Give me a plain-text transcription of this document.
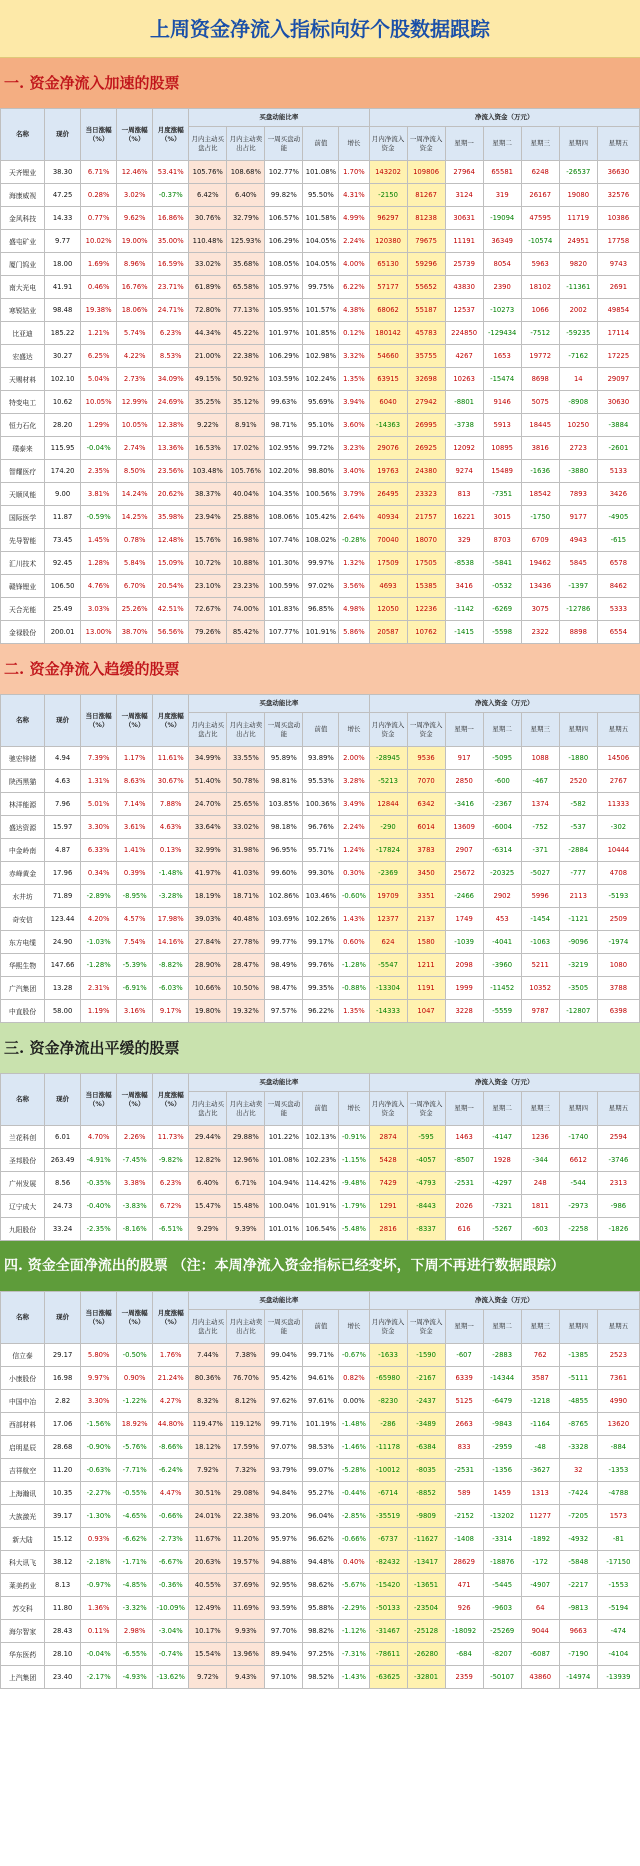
上周资金净流入指标向好个股数据跟踪
一. 资金净流入加速的股票
名称	现价	当日涨幅（%）	一周涨幅（%）	月度涨幅（%）	买盘动能比率					净流入资金（万元）						
					月内主动买盘占比	月内主动卖出占比	一周买盘动能	前值	增长	月内净流入资金	一周净流入资金	星期一	星期二	星期三	星期四	星期五
天齐锂业	38.30	6.71%	12.46%	53.41%	105.76%	108.68%	102.77%	101.08%	1.70%	143202	109806	27964	65581	6248	-26537	36630
海康威视	47.25	0.28%	3.02%	-0.37%	6.42%	6.40%	99.82%	95.50%	4.31%	-2150	81267	3124	319	26167	19080	32576
金风科技	14.33	0.77%	9.62%	16.86%	30.76%	32.79%	106.57%	101.58%	4.99%	96297	81238	30631	-19094	47595	11719	10386
盛屯矿业	9.77	10.02%	19.00%	35.00%	110.48%	125.93%	106.29%	104.05%	2.24%	120380	79675	11191	36349	-10574	24951	17758
厦门钨业	18.00	1.69%	8.96%	16.59%	33.02%	35.68%	108.05%	104.05%	4.00%	65130	59296	25739	8054	5963	9820	9743
南大光电	41.91	0.46%	16.76%	23.71%	61.89%	65.58%	105.97%	99.75%	6.22%	57177	55652	43830	2390	18102	-11361	2691
寒锐钴业	98.48	19.38%	18.06%	24.71%	72.80%	77.13%	105.95%	101.57%	4.38%	68062	55187	12537	-10273	1066	2002	49854
比亚迪	185.22	1.21%	5.74%	6.23%	44.34%	45.22%	101.97%	101.85%	0.12%	180142	45783	224850	-129434	-7512	-59235	17114
宏盛达	30.27	6.25%	4.22%	8.53%	21.00%	22.38%	106.29%	102.98%	3.32%	54660	35755	4267	1653	19772	-7162	17225
天赐材料	102.10	5.04%	2.73%	34.09%	49.15%	50.92%	103.59%	102.24%	1.35%	63915	32698	10263	-15474	8698	14	29097
特变电工	10.62	10.05%	12.99%	24.69%	35.25%	35.12%	99.63%	95.69%	3.94%	6040	27942	-8801	9146	5075	-8908	30630
恒力石化	28.20	1.29%	10.05%	12.38%	9.22%	8.91%	98.71%	95.10%	3.60%	-14363	26995	-3738	5913	18445	10250	-3884
璞泰来	115.95	-0.04%	2.74%	13.36%	16.53%	17.02%	102.95%	99.72%	3.23%	29076	26925	12092	10895	3816	2723	-2601
智耀医疗	174.20	2.35%	8.50%	23.56%	103.48%	105.76%	102.20%	98.80%	3.40%	19763	24380	9274	15489	-1636	-3880	5133
天顺风能	9.00	3.81%	14.24%	20.62%	38.37%	40.04%	104.35%	100.56%	3.79%	26495	23323	813	-7351	18542	7893	3426
国际医学	11.87	-0.59%	14.25%	35.98%	23.94%	25.88%	108.06%	105.42%	2.64%	40934	21757	16221	3015	-1750	9177	-4905
先导智能	73.45	1.45%	0.78%	12.48%	15.76%	16.98%	107.74%	108.02%	-0.28%	70040	18070	329	8703	6709	4943	-615
汇川技术	92.45	1.28%	5.84%	15.09%	10.72%	10.88%	101.30%	99.97%	1.32%	17509	17505	-8538	-5841	19462	5845	6578
赣锋锂业	106.50	4.76%	6.70%	20.54%	23.10%	23.23%	100.59%	97.02%	3.56%	4693	15385	3416	-0532	13436	-1397	8462
天合光能	25.49	3.03%	25.26%	42.51%	72.67%	74.00%	101.83%	96.85%	4.98%	12050	12236	-1142	-6269	3075	-12786	5333
金禄股份	200.01	13.00%	38.70%	56.56%	79.26%	85.42%	107.77%	101.91%	5.86%	20587	10762	-1415	-5598	2322	8898	6554
二. 资金净流入趋缓的股票
名称	现价	当日涨幅（%）	一周涨幅（%）	月度涨幅（%）	买盘动能比率					净流入资金（万元）						
					月内主动买盘占比	月内主动卖出占比	一周买盘动能	前值	增长	月内净流入资金	一周净流入资金	星期一	星期二	星期三	星期四	星期五
驰宏锌锗	4.94	7.39%	1.17%	11.61%	34.99%	33.55%	95.89%	93.89%	2.00%	-28945	9536	917	-5095	1088	-1880	14506
陕西黑猫	4.63	1.31%	8.63%	30.67%	51.40%	50.78%	98.81%	95.53%	3.28%	-5213	7070	2850	-600	-467	2520	2767
林洋能源	7.96	5.01%	7.14%	7.88%	24.70%	25.65%	103.85%	100.36%	3.49%	12844	6342	-3416	-2367	1374	-582	11333
盛达资源	15.97	3.30%	3.61%	4.63%	33.64%	33.02%	98.18%	96.76%	2.24%	-290	6014	13609	-6004	-752	-537	-302
中金岭南	4.87	6.33%	1.41%	0.13%	32.99%	31.98%	96.95%	95.71%	1.24%	-17824	3783	2907	-6314	-371	-2884	10444
赤峰黄金	17.96	0.34%	0.39%	-1.48%	41.97%	41.03%	99.60%	99.30%	0.30%	-2369	3450	25672	-20325	-5027	-777	4708
水井坊	71.89	-2.89%	-8.95%	-3.28%	18.19%	18.71%	102.86%	103.46%	-0.60%	19709	3351	-2466	2902	5996	2113	-5193
奇安信	123.44	4.20%	4.57%	17.98%	39.03%	40.48%	103.69%	102.26%	1.43%	12377	2137	1749	453	-1454	-1121	2509
东方电缆	24.90	-1.03%	7.54%	14.16%	27.84%	27.78%	99.77%	99.17%	0.60%	624	1580	-1039	-4041	-1063	-9096	-1974
华熙生物	147.66	-1.28%	-5.39%	-8.82%	28.90%	28.47%	98.49%	99.76%	-1.28%	-5547	1211	2098	-3960	5211	-3219	1080
广汽集团	13.28	2.31%	-6.91%	-6.03%	10.66%	10.50%	98.47%	99.35%	-0.88%	-13304	1191	1999	-11452	10352	-3505	3788
中直股份	58.00	1.19%	3.16%	9.17%	19.80%	19.32%	97.57%	96.22%	1.35%	-14333	1047	3228	-5559	9787	-12807	6398
三. 资金净流出平缓的股票
名称	现价	当日涨幅（%）	一周涨幅（%）	月度涨幅（%）	买盘动能比率					净流入资金（万元）						
					月内主动买盘占比	月内主动卖出占比	一周买盘动能	前值	增长	月内净流入资金	一周净流入资金	星期一	星期二	星期三	星期四	星期五
兰花科创	6.01	4.70%	2.26%	11.73%	29.44%	29.88%	101.22%	102.13%	-0.91%	2874	-595	1463	-4147	1236	-1740	2594
圣邦股份	263.49	-4.91%	-7.45%	-9.82%	12.82%	12.96%	101.08%	102.23%	-1.15%	5428	-4057	-8507	1928	-344	6612	-3746
广州发展	8.56	-0.35%	3.38%	6.23%	6.40%	6.71%	104.94%	114.42%	-9.48%	7429	-4793	-2531	-4297	248	-544	2313
辽宁成大	24.73	-0.40%	-3.83%	6.72%	15.47%	15.48%	100.04%	101.91%	-1.79%	1291	-8443	2026	-7321	1811	-2973	-986
九阳股份	33.24	-2.35%	-8.16%	-6.51%	9.29%	9.39%	101.01%	106.54%	-5.48%	2816	-8337	616	-5267	-603	-2258	-1826
四. 资金全面净流出的股票 （注：本周净流入资金指标已经变坏，下周不再进行数据跟踪）
名称	现价	当日涨幅（%）	一周涨幅（%）	月度涨幅（%）	买盘动能比率					净流入资金（万元）						
					月内主动买盘占比	月内主动卖出占比	一周买盘动能	前值	增长	月内净流入资金	一周净流入资金	星期一	星期二	星期三	星期四	星期五
信立泰	29.17	5.80%	-0.50%	1.76%	7.44%	7.38%	99.04%	99.71%	-0.67%	-1633	-1590	-607	-2883	762	-1385	2523
小康股份	16.98	9.97%	0.90%	21.24%	80.36%	76.70%	95.42%	94.61%	0.82%	-65980	-2167	6339	-14344	3587	-5111	7361
中国中冶	2.82	3.30%	-1.22%	4.27%	8.32%	8.12%	97.62%	97.61%	0.00%	-8230	-2437	5125	-6479	-1218	-4855	4990
西部材料	17.06	-1.56%	18.92%	44.80%	119.47%	119.12%	99.71%	101.19%	-1.48%	-286	-3489	2663	-9843	-1164	-8765	13620
启明星辰	28.68	-0.90%	-5.76%	-8.66%	18.12%	17.59%	97.07%	98.53%	-1.46%	-11178	-6384	833	-2959	-48	-3328	-884
吉祥航空	11.20	-0.63%	-7.71%	-6.24%	7.92%	7.32%	93.79%	99.07%	-5.28%	-10012	-8035	-2531	-1356	-3627	32	-1353
上海瀚讯	10.35	-2.27%	-0.55%	4.47%	30.51%	29.08%	94.84%	95.27%	-0.44%	-6714	-8852	589	1459	1313	-7424	-4788
大族激光	39.17	-1.30%	-4.65%	-0.66%	24.01%	22.38%	93.20%	96.04%	-2.85%	-35519	-9809	-2152	-13202	11277	-7205	1573
新大陆	15.12	0.93%	-6.62%	-2.73%	11.67%	11.20%	95.97%	96.62%	-0.66%	-6737	-11627	-1408	-3314	-1892	-4932	-81
科大讯飞	38.12	-2.18%	-1.71%	-6.67%	20.63%	19.57%	94.88%	94.48%	0.40%	-82432	-13417	28629	-18876	-172	-5848	-17150
莱美药业	8.13	-0.97%	-4.85%	-0.36%	40.55%	37.69%	92.95%	98.62%	-5.67%	-15420	-13651	471	-5445	-4907	-2217	-1553
苏交科	11.80	1.36%	-3.32%	-10.09%	12.49%	11.69%	93.59%	95.88%	-2.29%	-50133	-23504	926	-9603	64	-9813	-5194
海尔智家	28.43	0.11%	2.98%	-3.04%	10.17%	9.93%	97.70%	98.82%	-1.12%	-31467	-25128	-18092	-25269	9044	9663	-474
华东医药	28.10	-0.04%	-6.55%	-0.74%	15.54%	13.96%	89.94%	97.25%	-7.31%	-78611	-26280	-684	-8207	-6087	-7190	-4104
上汽集团	23.40	-2.17%	-4.93%	-13.62%	9.72%	9.43%	97.10%	98.52%	-1.43%	-63625	-32801	2359	-50107	43860	-14974	-13939
